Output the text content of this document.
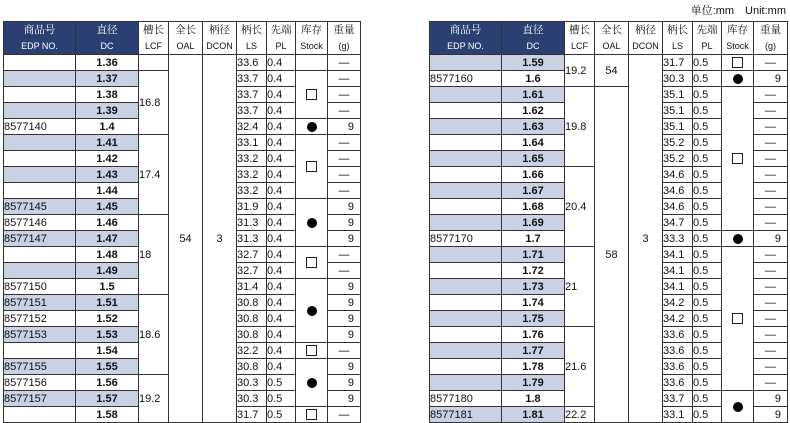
单位:mm　Unit:mm
商品号	直径	槽长	全长	柄径	柄长	先端	库存	重量
EDP NO.	DC	LCF	OAL	DCON	LS	PL	Stock	(g)
	1.36		54	3	33.6	0.4		—
	1.37	16.8			33.7	0.4		—
	1.38				33.7	0.4		—
	1.39				33.7	0.4		—
8577140	1.4				32.4	0.4		9
	1.41	17.4			33.1	0.4		—
	1.42				33.2	0.4		—
	1.43				33.2	0.4		—
	1.44				33.2	0.4		—
8577145	1.45				31.9	0.4		9
8577146	1.46	18			31.3	0.4		9
8577147	1.47				31.3	0.4		9
	1.48				32.7	0.4		—
	1.49				32.7	0.4		—
8577150	1.5				31.4	0.4		9
8577151	1.51	18.6			30.8	0.4		9
8577152	1.52				30.8	0.4		9
8577153	1.53				30.8	0.4		9
	1.54				32.2	0.4		—
8577155	1.55				30.8	0.4		9
8577156	1.56	19.2			30.3	0.5		9
8577157	1.57				30.3	0.5		9
	1.58				31.7	0.5		—
商品号	直径	槽长	全长	柄径	柄长	先端	库存	重量
EDP NO.	DC	LCF	OAL	DCON	LS	PL	Stock	(g)
	1.59	19.2	54	3	31.7	0.5		—
8577160	1.6				30.3	0.5		9
	1.61	19.8	58		35.1	0.5		—
	1.62				35.1	0.5		—
	1.63				35.1	0.5		—
	1.64				35.2	0.5		—
	1.65				35.2	0.5		—
	1.66	20.4			34.6	0.5		—
	1.67				34.6	0.5		—
	1.68				34.6	0.5		—
	1.69				34.7	0.5		—
8577170	1.7				33.3	0.5		9
	1.71	21			34.1	0.5		—
	1.72				34.1	0.5		—
	1.73				34.1	0.5		—
	1.74				34.2	0.5		—
	1.75				34.2	0.5		—
	1.76	21.6			33.6	0.5		—
	1.77				33.6	0.5		—
	1.78				33.6	0.5		—
	1.79				33.6	0.5		—
8577180	1.8				33.7	0.5		9
8577181	1.81	22.2			33.1	0.5		9
